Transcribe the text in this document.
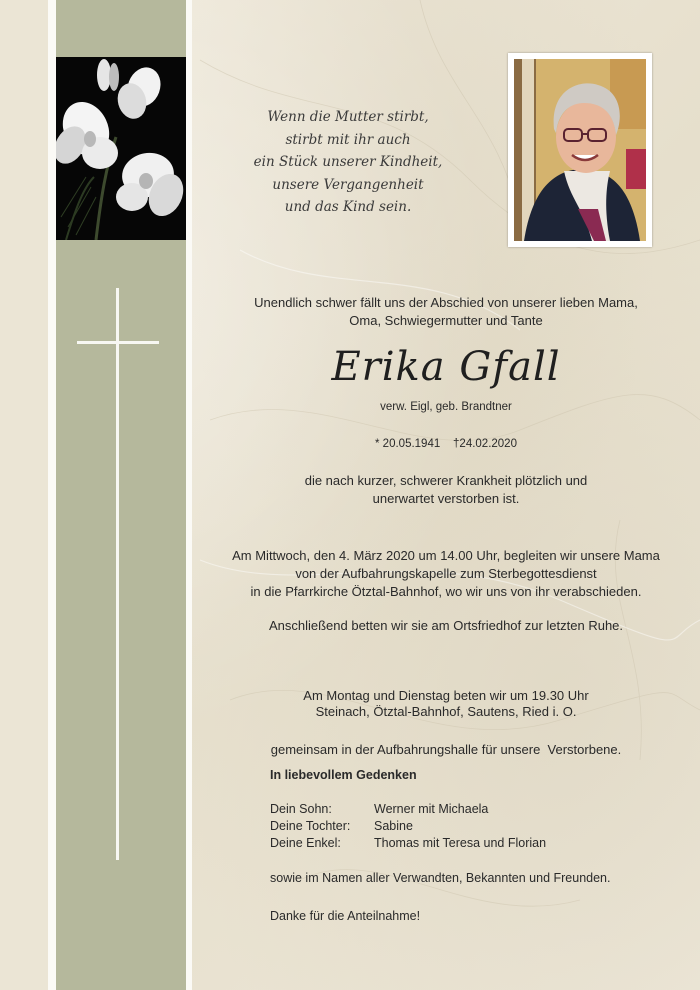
Wenn die Mutter stirbt,
stirbt mit ihr auch
ein Stück unserer Kindheit,
unsere Vergangenheit
und das Kind sein.
Unendlich schwer fällt uns der Abschied von unserer lieben Mama,
Oma, Schwiegermutter und Tante
Erika Gfall
verw. Eigl, geb. Brandtner
* 20.05.1941    †24.02.2020
die nach kurzer, schwerer Krankheit plötzlich und
unerwartet verstorben ist.
Am Mittwoch, den 4. März 2020 um 14.00 Uhr, begleiten wir unsere Mama
von der Aufbahrungskapelle zum Sterbegottesdienst
in die Pfarrkirche Ötztal-Bahnhof, wo wir uns von ihr verabschieden.
Anschließend betten wir sie am Ortsfriedhof zur letzten Ruhe.

Am Montag und Dienstag beten wir um 19.30 Uhr

gemeinsam in der Aufbahrungshalle für unsere  Verstorbene.

Steinach, Ötztal-Bahnhof, Sautens, Ried i. O.
In liebevollem Gedenken
Dein Sohn:	Werner mit Michaela
Deine Tochter:	Sabine
Deine Enkel:	Thomas mit Teresa und Florian
sowie im Namen aller Verwandten, Bekannten und Freunden.
Danke für die Anteilnahme!
